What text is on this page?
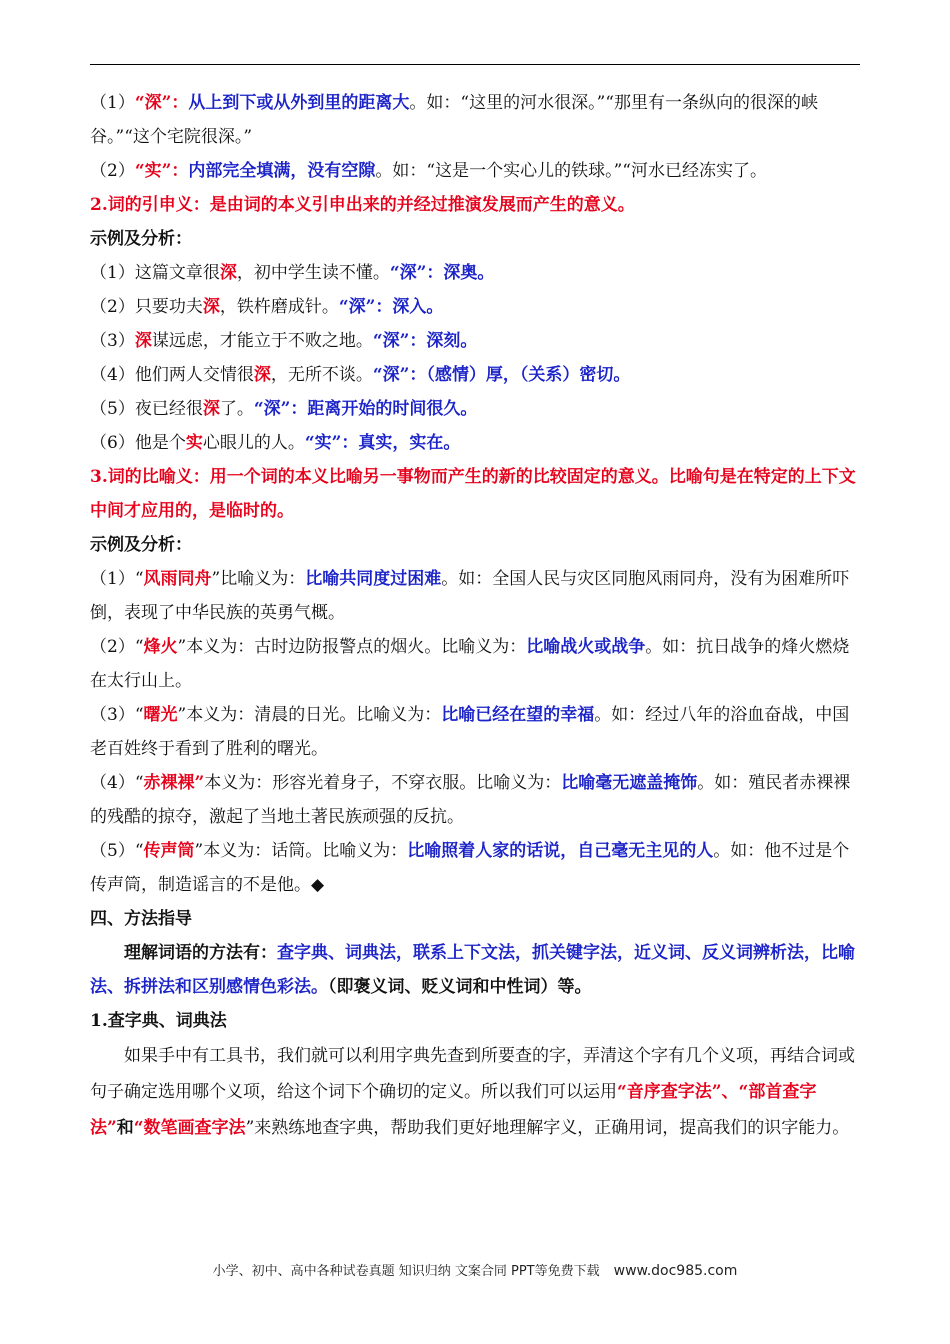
（1）“深”：从上到下或从外到里的距离大。如：“这里的河水很深。”“那里有一条纵向的很深的峡谷。”“这个宅院很深。”

（2）“实”：内部完全填满，没有空隙。如：“这是一个实心儿的铁球。”“河水已经冻实了。

2.词的引申义：是由词的本义引申出来的并经过推演发展而产生的意义。

示例及分析：

（1）这篇文章很深，初中学生读不懂。“深”：深奥。

（2）只要功夫深，铁杵磨成针。“深”：深入。

（3）深谋远虑，才能立于不败之地。“深”：深刻。

（4）他们两人交情很深，无所不谈。“深”：（感情）厚，（关系）密切。

（5）夜已经很深了。“深”：距离开始的时间很久。

（6）他是个实心眼儿的人。“实”：真实，实在。

3.词的比喻义：用一个词的本义比喻另一事物而产生的新的比较固定的意义。比喻句是在特定的上下文中间才应用的，是临时的。

示例及分析：

（1）“风雨同舟”比喻义为：比喻共同度过困难。如：全国人民与灾区同胞风雨同舟，没有为困难所吓倒，表现了中华民族的英勇气概。

（2）“烽火”本义为：古时边防报警点的烟火。比喻义为：比喻战火或战争。如：抗日战争的烽火燃烧在太行山上。

（3）“曙光”本义为：清晨的日光。比喻义为：比喻已经在望的幸福。如：经过八年的浴血奋战，中国老百姓终于看到了胜利的曙光。

（4）“赤裸裸”本义为：形容光着身子，不穿衣服。比喻义为：比喻毫无遮盖掩饰。如：殖民者赤裸裸的残酷的掠夺，激起了当地土著民族顽强的反抗。

（5）“传声筒”本义为：话筒。比喻义为：比喻照着人家的话说，自己毫无主见的人。如：他不过是个传声筒，制造谣言的不是他。◆

四、方法指导

理解词语的方法有：查字典、词典法，联系上下文法，抓关键字法，近义词、反义词辨析法，比喻法、拆拼法和区别感情色彩法。（即褒义词、贬义词和中性词）等。

1.查字典、词典法

如果手中有工具书，我们就可以利用字典先查到所要查的字，弄清这个字有几个义项，再结合词或句子确定选用哪个义项，给这个词下个确切的定义。所以我们可以运用“音序查字法”、“部首查字法”和“数笔画查字法”来熟练地查字典，帮助我们更好地理解字义，正确用词，提高我们的识字能力。

小学、初中、高中各种试卷真题 知识归纳 文案合同 PPT等免费下载 www.doc985.com
